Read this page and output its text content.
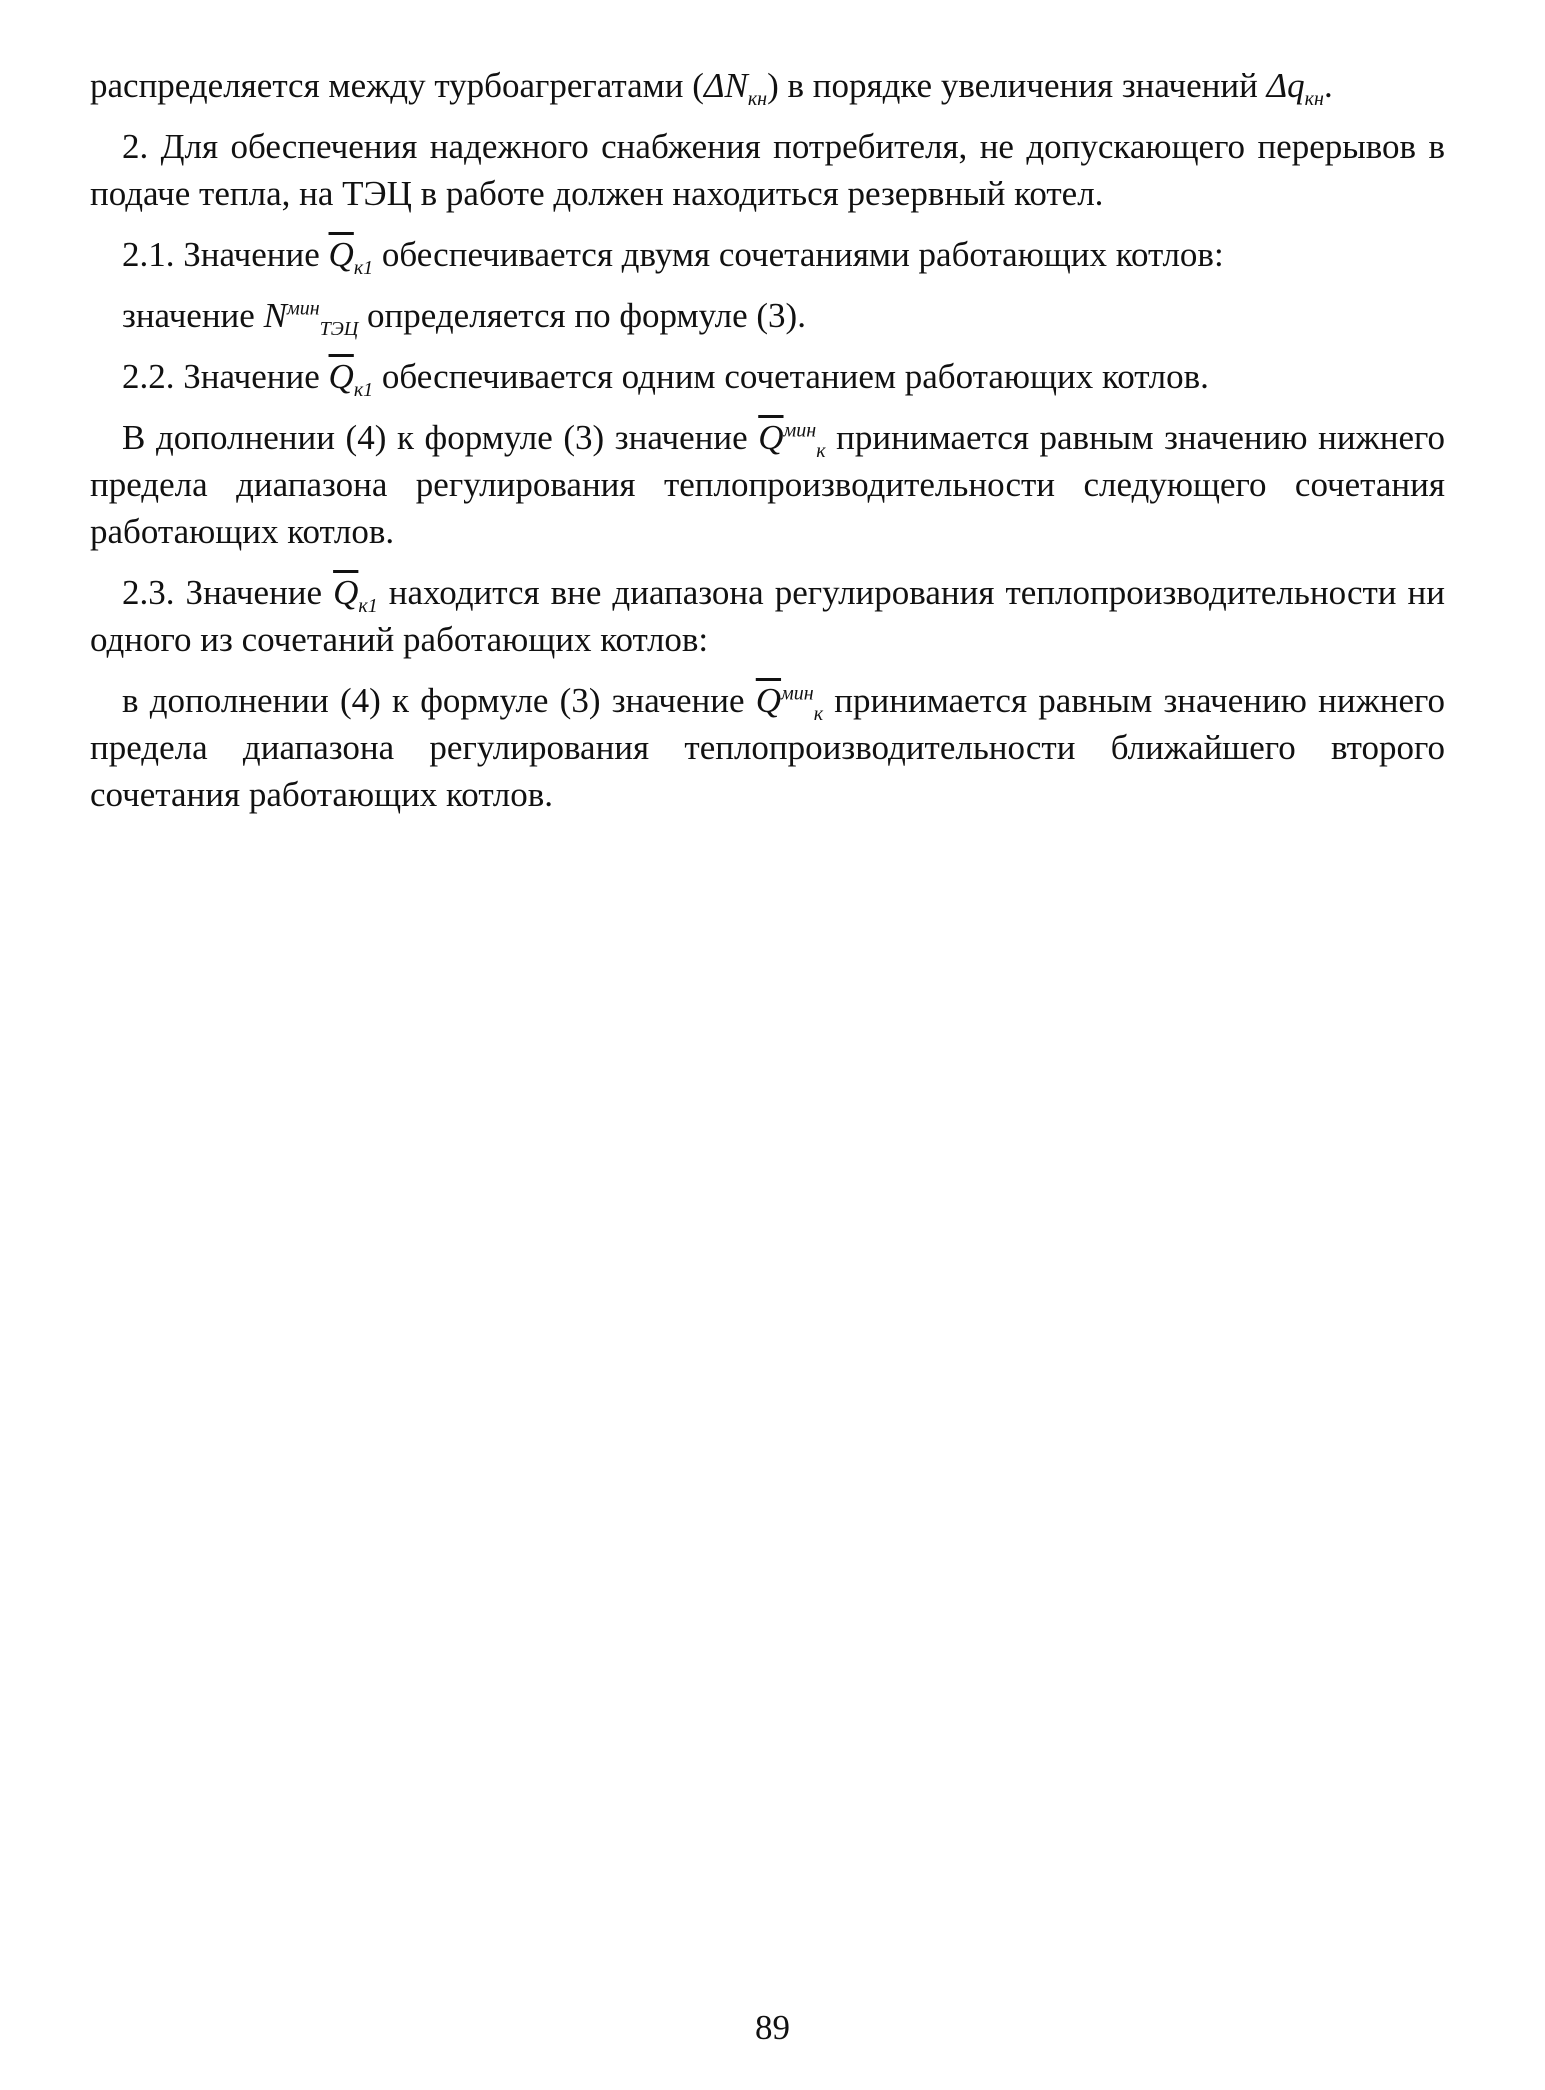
распределяется между турбоагрегатами $(\Delta N_{кн})$ в порядке увеличения значений $\Delta q_{кн}$.

2. Для обеспечения надежного снабжения потребителя, не допускающего перерывов в подаче тепла, на ТЭЦ в работе должен находиться резервный котел.

2.1. Значение $\overline{Q}_{к1}$ обеспечивается двумя сочетаниями работающих котлов:

значение $N^{мин}_{ТЭЦ}$ определяется по формуле (3).

2.2. Значение $\overline{Q}_{к1}$ обеспечивается одним сочетанием работающих котлов.

В дополнении (4) к формуле (3) значение $\overline{Q}^{мин}_к$ принимается равным значению нижнего предела диапазона регулирования теплопроизводительности следующего сочетания работающих котлов.

2.3. Значение $\overline{Q}_{к1}$ находится вне диапазона регулирования теплопроизводительности ни одного из сочетаний работающих котлов:

в дополнении (4) к формуле (3) значение $\overline{Q}^{мин}_к$ принимается равным значению нижнего предела диапазона регулирования теплопроизводительности ближайшего второго сочетания работающих котлов.

89
